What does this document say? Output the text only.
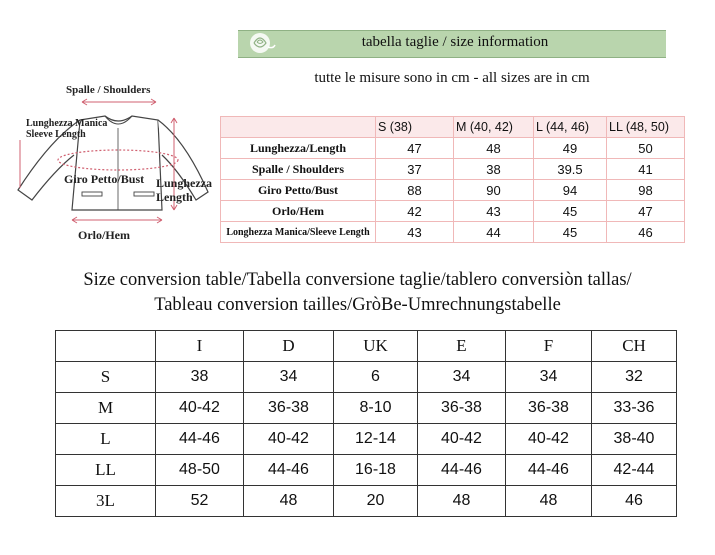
tabella taglie / size information
tutte le misure sono in cm - all sizes are in cm
Spalle / Shoulders
Lunghezza Manica
Sleeve Length
Giro Petto/Bust Lunghezza
Length
Orlo/Hem
	S (38)	M (40, 42)	L (44, 46)	LL (48, 50)
Lunghezza/Length	47	48	49	50
Spalle / Shoulders	37	38	39.5	41
Giro Petto/Bust	88	90	94	98
Orlo/Hem	42	43	45	47
Longhezza Manica/Sleeve Length	43	44	45	46
Size conversion table/Tabella conversione taglie/tablero conversiòn tallas/
Tableau conversion tailles/GròBe-Umrechnungstabelle
	I	D	UK	E	F	CH
S	38	34	6	34	34	32
M	40-42	36-38	8-10	36-38	36-38	33-36
L	44-46	40-42	12-14	40-42	40-42	38-40
LL	48-50	44-46	16-18	44-46	44-46	42-44
3L	52	48	20	48	48	46
